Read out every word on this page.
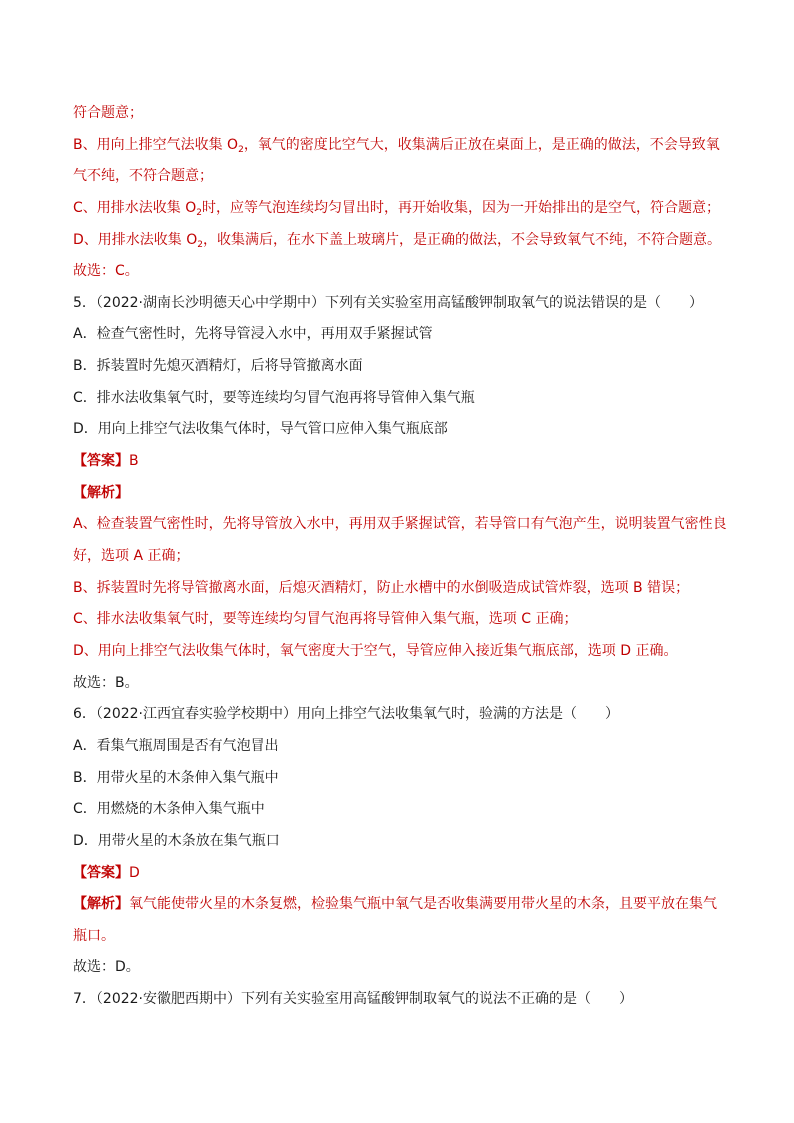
符合题意；
B、用向上排空气法收集 $O_2$，氧气的密度比空气大，收集满后正放在桌面上，是正确的做法，不会导致氧
气不纯，不符合题意；
C、用排水法收集 $O_2$时，应等气泡连续均匀冒出时，再开始收集，因为一开始排出的是空气，符合题意；
D、用排水法收集 $O_2$，收集满后，在水下盖上玻璃片，是正确的做法，不会导致氧气不纯，不符合题意。
故选：C。
5．（2022·湖南长沙明德天心中学期中）下列有关实验室用高锰酸钾制取氧气的说法错误的是（　　）
A．检查气密性时，先将导管浸入水中，再用双手紧握试管
B．拆装置时先熄灭酒精灯，后将导管撤离水面
C．排水法收集氧气时，要等连续均匀冒气泡再将导管伸入集气瓶
D．用向上排空气法收集气体时，导气管口应伸入集气瓶底部
【答案】B
【解析】
A、检查装置气密性时，先将导管放入水中，再用双手紧握试管，若导管口有气泡产生，说明装置气密性良
好，选项 A 正确；
B、拆装置时先将导管撤离水面，后熄灭酒精灯，防止水槽中的水倒吸造成试管炸裂，选项 B 错误；
C、排水法收集氧气时，要等连续均匀冒气泡再将导管伸入集气瓶，选项 C 正确；
D、用向上排空气法收集气体时，氧气密度大于空气，导管应伸入接近集气瓶底部，选项 D 正确。
故选：B。
6．（2022·江西宜春实验学校期中）用向上排空气法收集氧气时，验满的方法是（　　）
A．看集气瓶周围是否有气泡冒出
B．用带火星的木条伸入集气瓶中
C．用燃烧的木条伸入集气瓶中
D．用带火星的木条放在集气瓶口
【答案】D
【解析】氧气能使带火星的木条复燃，检验集气瓶中氧气是否收集满要用带火星的木条，且要平放在集气
瓶口。
故选：D。
7．（2022·安徽肥西期中）下列有关实验室用高锰酸钾制取氧气的说法不正确的是（　　）
